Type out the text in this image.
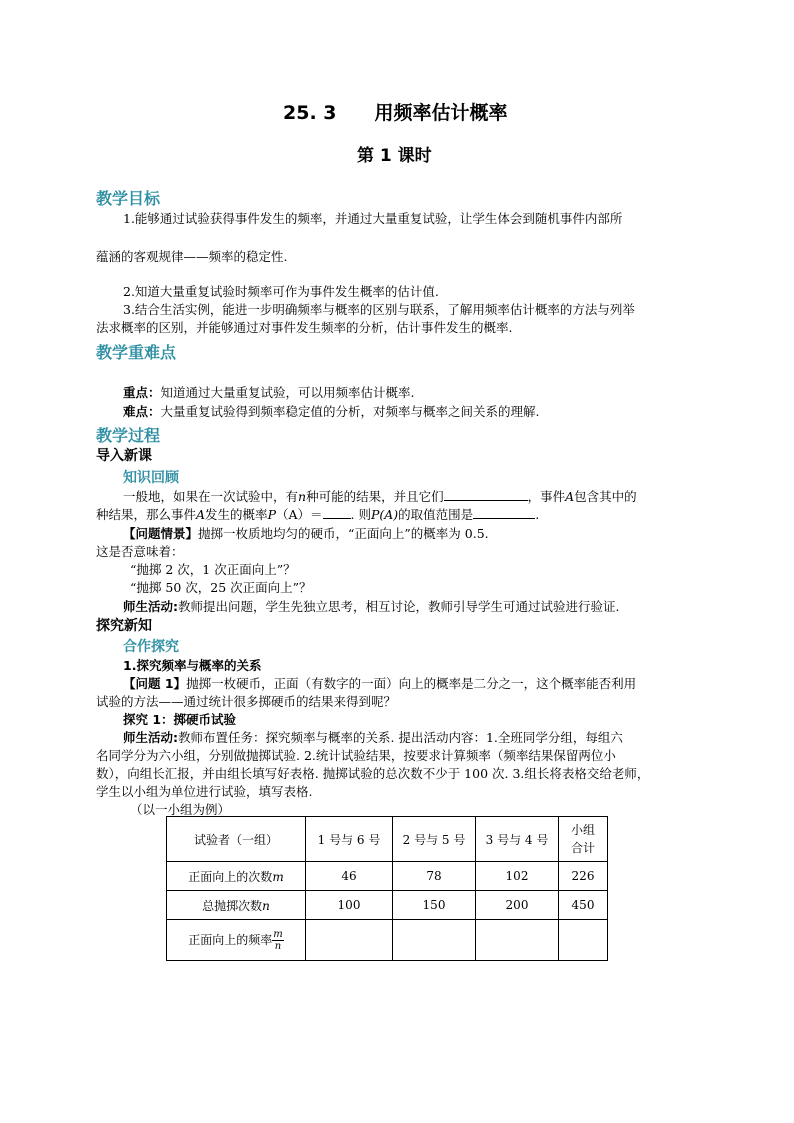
25. 3　　用频率估计概率
第 1 课时
教学目标
1.能够通过试验获得事件发生的频率，并通过大量重复试验，让学生体会到随机事件内部所
蕴涵的客观规律——频率的稳定性.
2.知道大量重复试验时频率可作为事件发生概率的估计值.
3.结合生活实例，能进一步明确频率与概率的区别与联系，了解用频率估计概率的方法与列举
法求概率的区别，并能够通过对事件发生频率的分析，估计事件发生的概率.
教学重难点
重点：知道通过大量重复试验，可以用频率估计概率.
难点：大量重复试验得到频率稳定值的分析，对频率与概率之间关系的理解.
教学过程
导入新课
知识回顾
一般地，如果在一次试验中，有n种可能的结果，并且它们	，事件A包含其中的
种结果，那么事件A发生的概率P（A）＝ . 则P(A)的取值范围是	.
【问题情景】抛掷一枚质地均匀的硬币，“正面向上”的概率为 0.5.
这是否意味着：
“抛掷 2 次，1 次正面向上”？
“抛掷 50 次，25 次正面向上”？
师生活动:教师提出问题，学生先独立思考，相互讨论，教师引导学生可通过试验进行验证.
探究新知
合作探究
1.探究频率与概率的关系
【问题 1】抛掷一枚硬币，正面（有数字的一面）向上的概率是二分之一，这个概率能否利用
试验的方法——通过统计很多掷硬币的结果来得到呢？
探究 1：掷硬币试验
师生活动:教师布置任务：探究频率与概率的关系. 提出活动内容：1.全班同学分组，每组六
名同学分为六小组，分别做抛掷试验. 2.统计试验结果，按要求计算频率（频率结果保留两位小
数），向组长汇报，并由组长填写好表格. 抛掷试验的总次数不少于 100 次. 3.组长将表格交给老师，
学生以小组为单位进行试验，填写表格.
（以一小组为例）
试验者（一组）	1 号与 6 号	2 号与 5 号	3 号与 4 号	小组
合计
正面向上的次数m	46	78	102	226
总抛掷次数n	100	150	200	450
正面向上的频率 $\frac{m}{n}$
